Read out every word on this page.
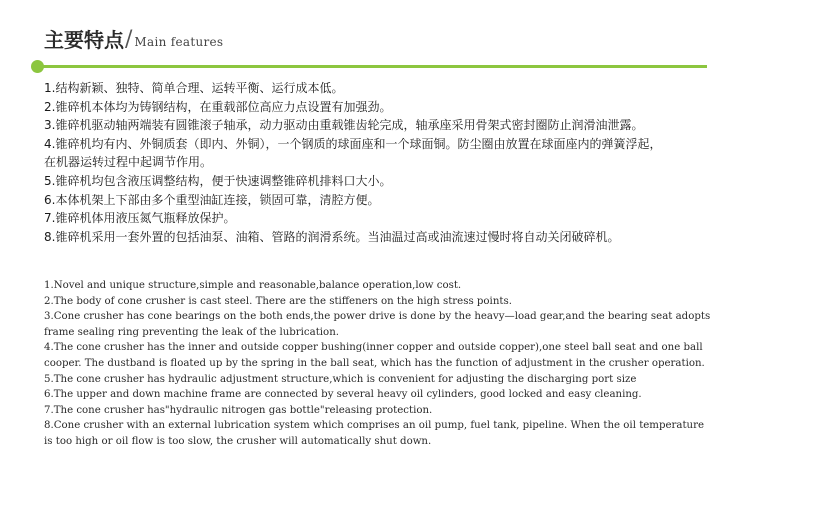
主要特点 / Main features
1.结构新颖、独特、简单合理、运转平衡、运行成本低。
2.锥碎机本体均为铸钢结构，在重载部位高应力点设置有加强劲。
3.锥碎机驱动轴两端装有圆锥滚子轴承，动力驱动由重载锥齿轮完成，轴承座采用骨架式密封圈防止润滑油泄露。
4.锥碎机均有内、外铜质套（即内、外铜），一个钢质的球面座和一个球面铜。防尘圈由放置在球面座内的弹簧浮起，
在机器运转过程中起调节作用。
5.锥碎机均包含液压调整结构，便于快速调整锥碎机排料口大小。
6.本体机架上下部由多个重型油缸连接，锁固可靠，清腔方便。
7.锥碎机体用液压氮气瓶释放保护。
8.锥碎机采用一套外置的包括油泵、油箱、管路的润滑系统。当油温过高或油流速过慢时将自动关闭破碎机。
1.Novel and unique structure,simple and reasonable,balance operation,low cost.
2.The body of cone crusher is cast steel. There are the stiffeners on the high stress points.
3.Cone crusher has cone bearings on the both ends,the power drive is done by the heavy—load gear,and the bearing seat adopts
frame sealing ring preventing the leak of the lubrication.
4.The cone crusher has the inner and outside copper bushing(inner copper and outside copper),one steel ball seat and one ball
cooper. The dustband is floated up by the spring in the ball seat, which has the function of adjustment in the crusher operation.
5.The cone crusher has hydraulic adjustment structure,which is convenient for adjusting the discharging port size
6.The upper and down machine frame are connected by several heavy oil cylinders, good locked and easy cleaning.
7.The cone crusher has"hydraulic nitrogen gas bottle"releasing protection.
8.Cone crusher with an external lubrication system which comprises an oil pump, fuel tank, pipeline. When the oil temperature
is too high or oil flow is too slow, the crusher will automatically shut down.
